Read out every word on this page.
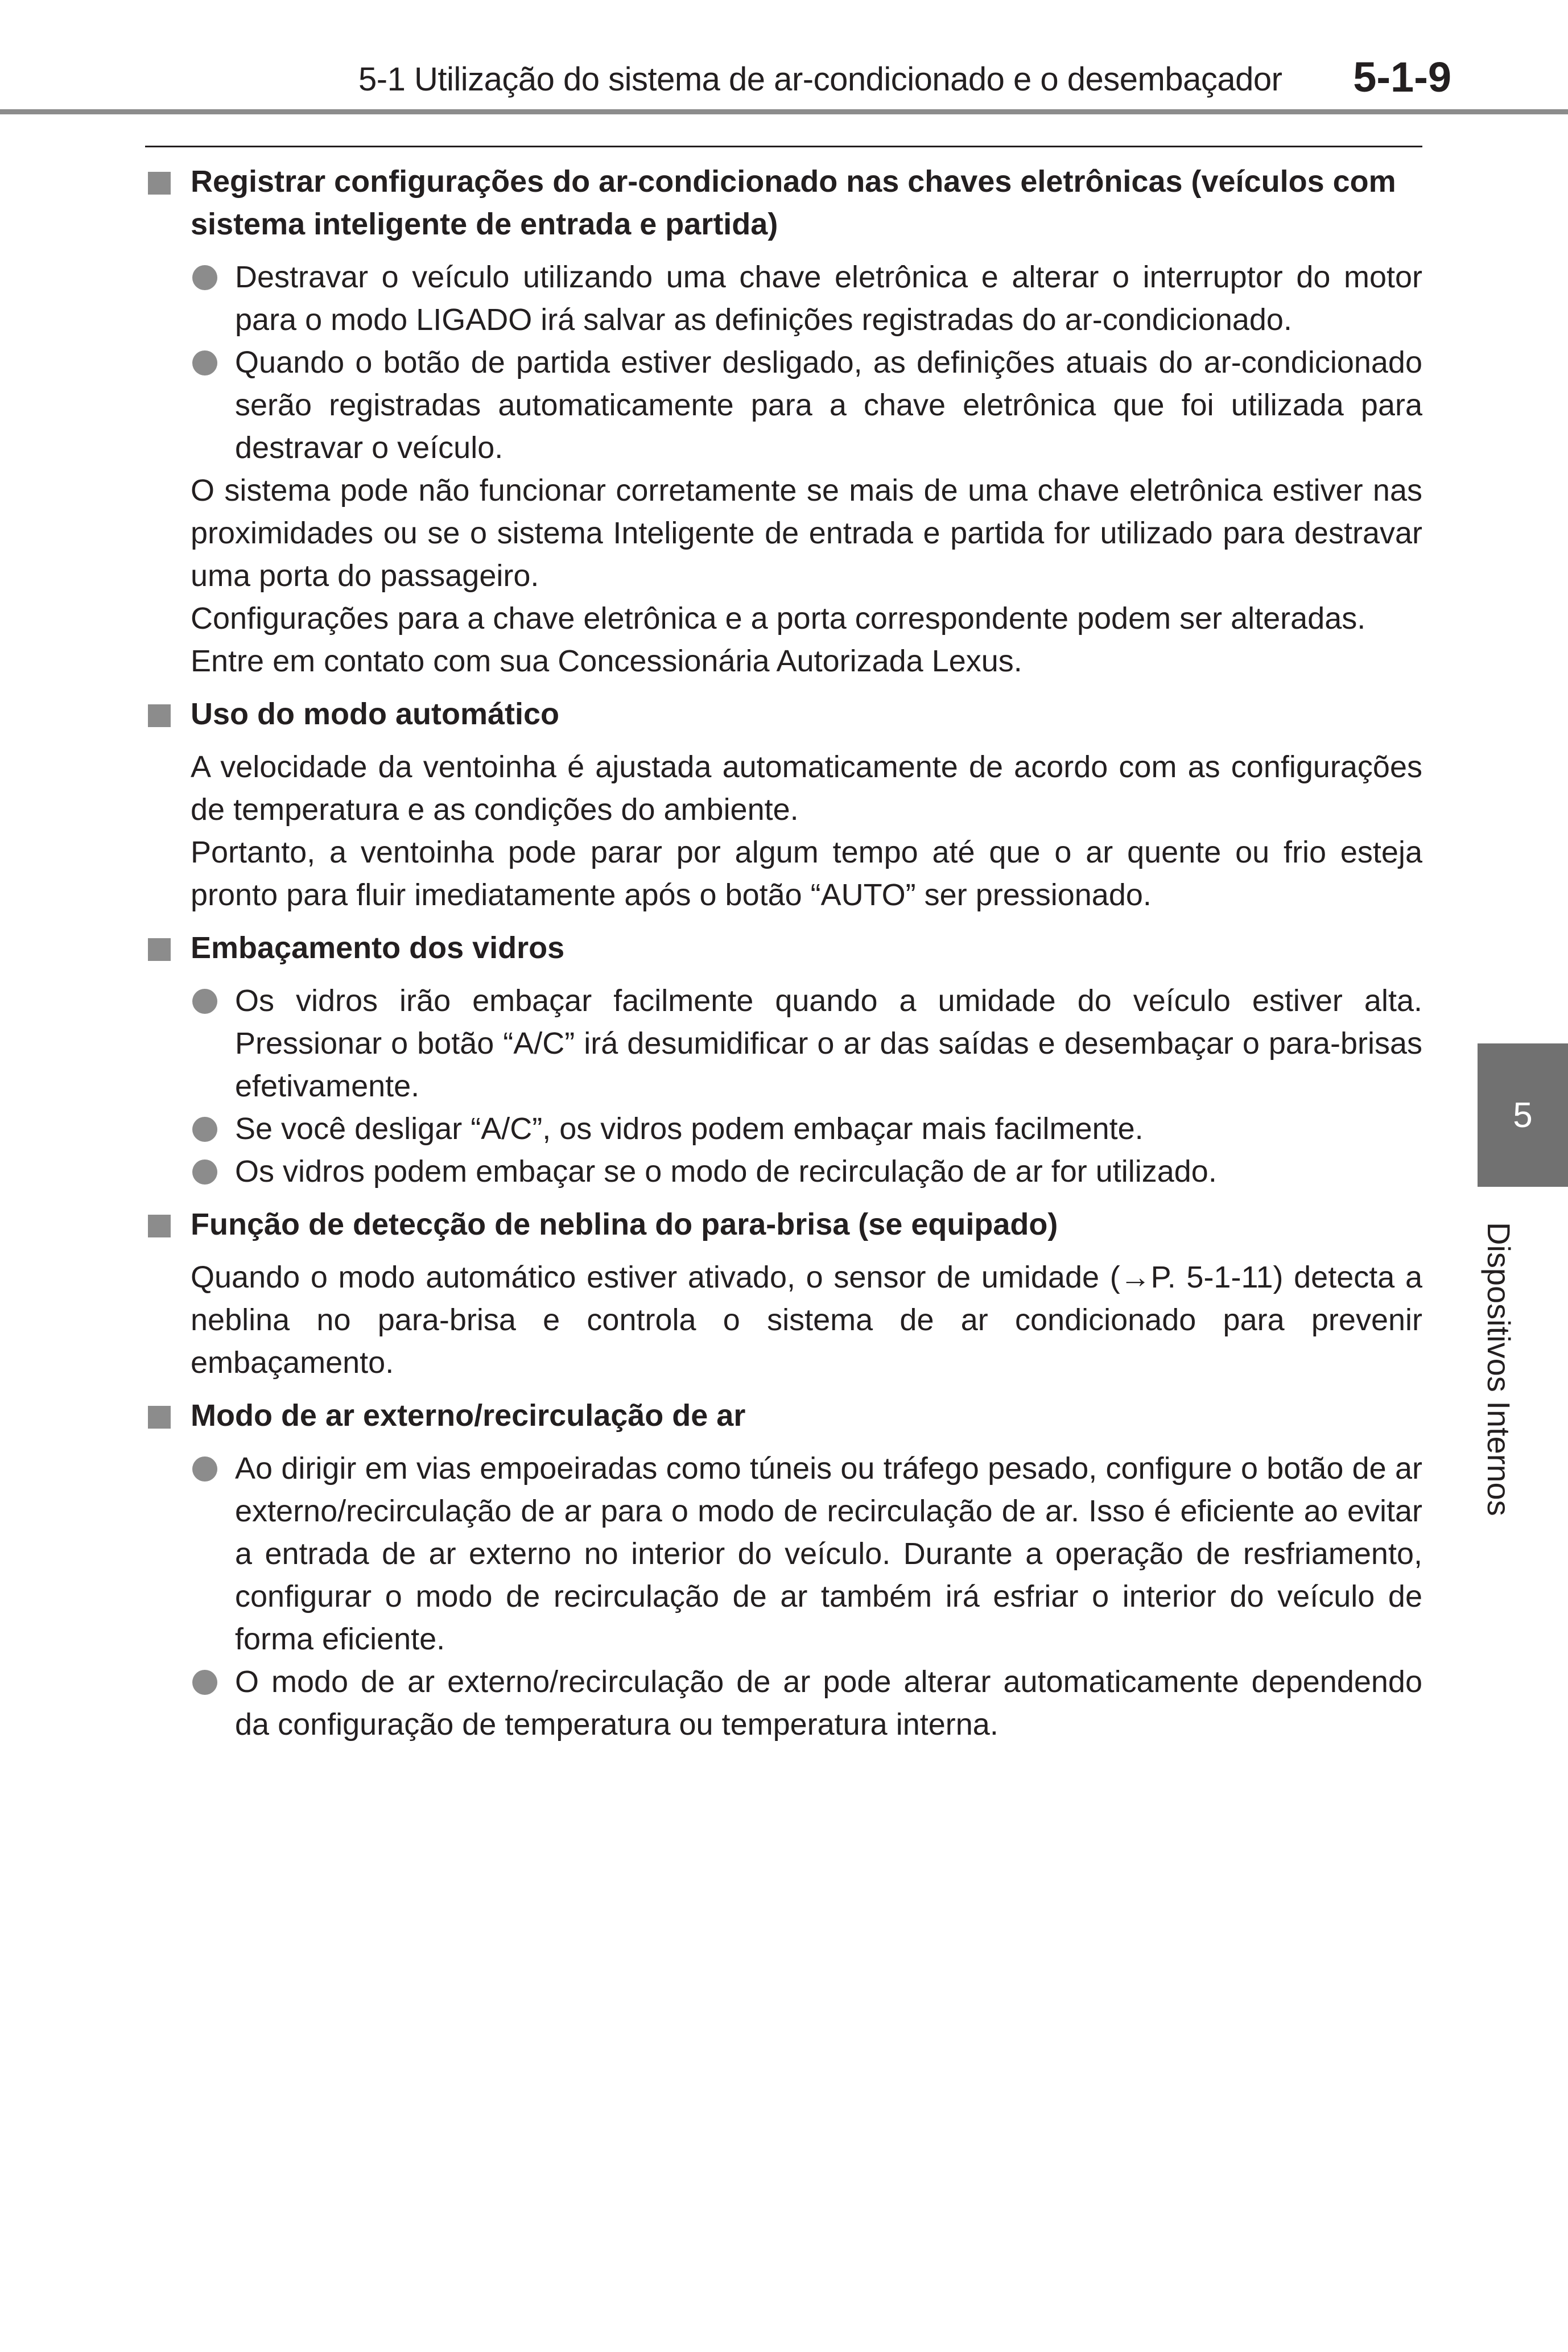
5-1 Utilização do sistema de ar-condicionado e o desembaçador 5-1-9
Registrar configurações do ar-condicionado nas chaves eletrônicas (veículos com sistema inteligente de entrada e partida)
Destravar o veículo utilizando uma chave eletrônica e alterar o interruptor do motor para o modo LIGADO irá salvar as definições registradas do ar-condicionado.
Quando o botão de partida estiver desligado, as definições atuais do ar-condicionado serão registradas automaticamente para a chave eletrônica que foi utilizada para destravar o veículo.
O sistema pode não funcionar corretamente se mais de uma chave eletrônica estiver nas proximidades ou se o sistema Inteligente de entrada e partida for utilizado para destravar uma porta do passageiro.
Configurações para a chave eletrônica e a porta correspondente podem ser alteradas.
Entre em contato com sua Concessionária Autorizada Lexus.
Uso do modo automático
A velocidade da ventoinha é ajustada automaticamente de acordo com as configurações de temperatura e as condições do ambiente.
Portanto, a ventoinha pode parar por algum tempo até que o ar quente ou frio esteja pronto para fluir imediatamente após o botão “AUTO” ser pressionado.
Embaçamento dos vidros
Os vidros irão embaçar facilmente quando a umidade do veículo estiver alta. Pressionar o botão “A/C” irá desumidificar o ar das saídas e desembaçar o para-brisas efetivamente.
Se você desligar “A/C”, os vidros podem embaçar mais facilmente.
Os vidros podem embaçar se o modo de recirculação de ar for utilizado.
Função de detecção de neblina do para-brisa (se equipado)
Quando o modo automático estiver ativado, o sensor de umidade (→P. 5-1-11) detecta a neblina no para-brisa e controla o sistema de ar condicionado para prevenir embaçamento.
Modo de ar externo/recirculação de ar
Ao dirigir em vias empoeiradas como túneis ou tráfego pesado, configure o botão de ar externo/recirculação de ar para o modo de recirculação de ar. Isso é eficiente ao evitar a entrada de ar externo no interior do veículo. Durante a operação de resfriamento, configurar o modo de recirculação de ar também irá esfriar o interior do veículo de forma eficiente.
O modo de ar externo/recirculação de ar pode alterar automaticamente dependendo da configuração de temperatura ou temperatura interna.
5
Dispositivos Internos
